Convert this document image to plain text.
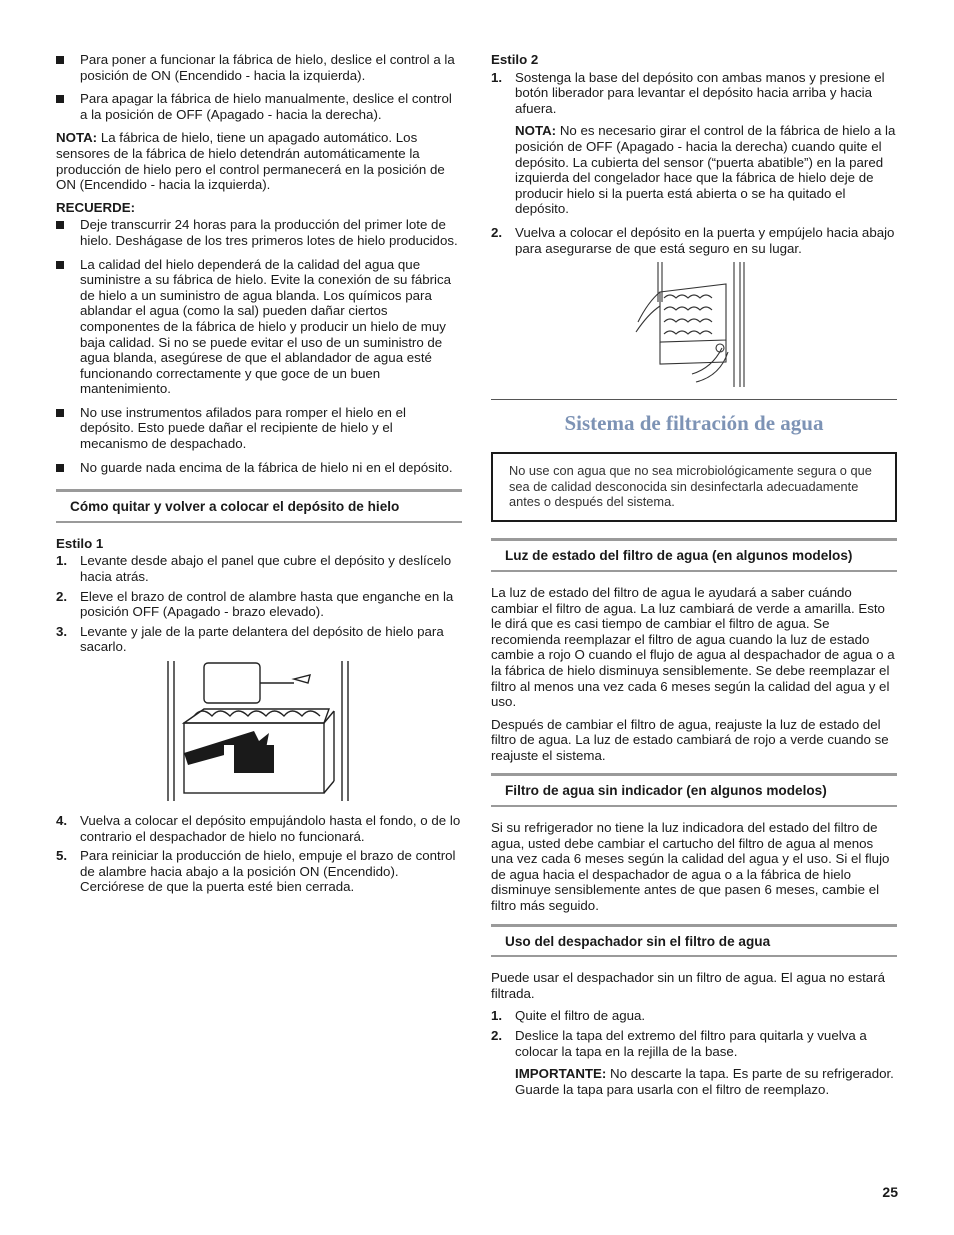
Para poner a funcionar la fábrica de hielo, deslice el control a la posición de ON (Encendido - hacia la izquierda).
Para apagar la fábrica de hielo manualmente, deslice el control a la posición de OFF (Apagado - hacia la derecha).

NOTA: La fábrica de hielo, tiene un apagado automático. Los sensores de la fábrica de hielo detendrán automáticamente la producción de hielo pero el control permanecerá en la posición de ON (Encendido - hacia la izquierda).

RECUERDE:

Deje transcurrir 24 horas para la producción del primer lote de hielo. Deshágase de los tres primeros lotes de hielo producidos.
La calidad del hielo dependerá de la calidad del agua que suministre a su fábrica de hielo. Evite la conexión de su fábrica de hielo a un suministro de agua blanda. Los químicos para ablandar el agua (como la sal) pueden dañar ciertos componentes de la fábrica de hielo y producir un hielo de muy baja calidad. Si no se puede evitar el uso de un suministro de agua blanda, asegúrese de que el ablandador de agua esté funcionando correctamente y que goce de un buen mantenimiento.
No use instrumentos afilados para romper el hielo en el depósito. Esto puede dañar el recipiente de hielo y el mecanismo de despachado.
No guarde nada encima de la fábrica de hielo ni en el depósito.
Cómo quitar y volver a colocar el depósito de hielo

Estilo 1

1. Levante desde abajo el panel que cubre el depósito y deslícelo hacia atrás.
2. Eleve el brazo de control de alambre hasta que enganche en la posición OFF (Apagado - brazo elevado).
3. Levante y jale de la parte delantera del depósito de hielo para sacarlo.
4. Vuelva a colocar el depósito empujándolo hasta el fondo, o de lo contrario el despachador de hielo no funcionará.
5. Para reiniciar la producción de hielo, empuje el brazo de control de alambre hacia abajo a la posición ON (Encendido). Cerciórese de que la puerta esté bien cerrada.

Estilo 2

1. Sostenga la base del depósito con ambas manos y presione el botón liberador para levantar el depósito hacia arriba y hacia afuera.
NOTA: No es necesario girar el control de la fábrica de hielo a la posición de OFF (Apagado - hacia la derecha) cuando quite el depósito. La cubierta del sensor (“puerta abatible”) en la pared izquierda del congelador hace que la fábrica de hielo deje de producir hielo si la puerta está abierta o se ha quitado el depósito.
2. Vuelva a colocar el depósito en la puerta y empújelo hacia abajo para asegurarse de que está seguro en su lugar.
Sistema de filtración de agua
No use con agua que no sea microbiológicamente segura o que sea de calidad desconocida sin desinfectarla adecuadamente antes o después del sistema.
Luz de estado del filtro de agua (en algunos modelos)

La luz de estado del filtro de agua le ayudará a saber cuándo cambiar el filtro de agua. La luz cambiará de verde a amarilla. Esto le dirá que es casi tiempo de cambiar el filtro de agua. Se recomienda reemplazar el filtro de agua cuando la luz de estado cambie a rojo O cuando el flujo de agua al despachador de agua o a la fábrica de hielo disminuya sensiblemente. Se debe reemplazar el filtro al menos una vez cada 6 meses según la calidad del agua y el uso.

Después de cambiar el filtro de agua, reajuste la luz de estado del filtro de agua. La luz de estado cambiará de rojo a verde cuando se reajuste el sistema.

Filtro de agua sin indicador (en algunos modelos)

Si su refrigerador no tiene la luz indicadora del estado del filtro de agua, usted debe cambiar el cartucho del filtro de agua al menos una vez cada 6 meses según la calidad del agua y el uso. Si el flujo de agua hacia el despachador de agua o a la fábrica de hielo disminuye sensiblemente antes de que pasen 6 meses, cambie el filtro más seguido.

Uso del despachador sin el filtro de agua

Puede usar el despachador sin un filtro de agua. El agua no estará filtrada.

1. Quite el filtro de agua.
2. Deslice la tapa del extremo del filtro para quitarla y vuelva a colocar la tapa en la rejilla de la base.
IMPORTANTE: No descarte la tapa. Es parte de su refrigerador. Guarde la tapa para usarla con el filtro de reemplazo.
25
